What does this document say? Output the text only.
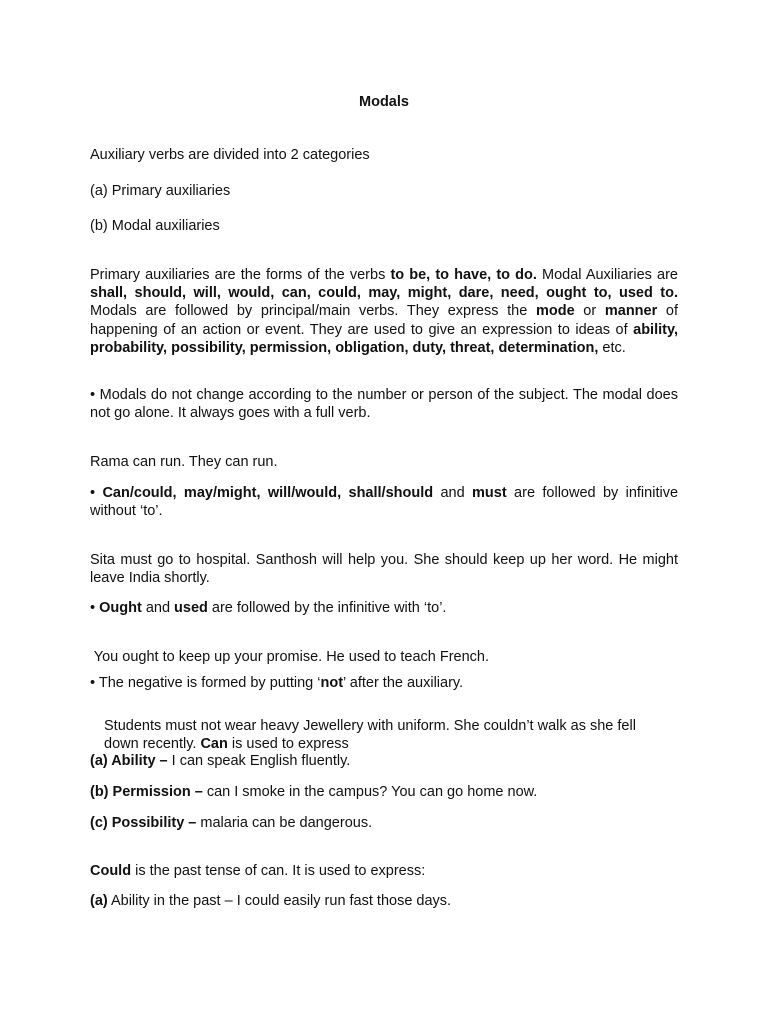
Modals
Auxiliary verbs are divided into 2 categories
(a) Primary auxiliaries
(b) Modal auxiliaries
Primary auxiliaries are the forms of the verbs to be, to have, to do. Modal Auxiliaries are shall, should, will, would, can, could, may, might, dare, need, ought to, used to. Modals are followed by principal/main verbs. They express the mode or manner of happening of an action or event. They are used to give an expression to ideas of ability, probability, possibility, permission, obligation, duty, threat, determination, etc.
• Modals do not change according to the number or person of the subject. The modal does not go alone. It always goes with a full verb.
Rama can run. They can run.
• Can/could, may/might, will/would, shall/should and must are followed by infinitive without ‘to’.
Sita must go to hospital. Santhosh will help you. She should keep up her word. He might leave India shortly.
• Ought and used are followed by the infinitive with ‘to’.
You ought to keep up your promise. He used to teach French.
• The negative is formed by putting ‘not’ after the auxiliary.
Students must not wear heavy Jewellery with uniform. She couldn’t walk as she fell
down recently. Can is used to express
(a) Ability – I can speak English fluently.
(b) Permission – can I smoke in the campus? You can go home now.
(c) Possibility – malaria can be dangerous.
Could is the past tense of can. It is used to express:
(a) Ability in the past – I could easily run fast those days.
